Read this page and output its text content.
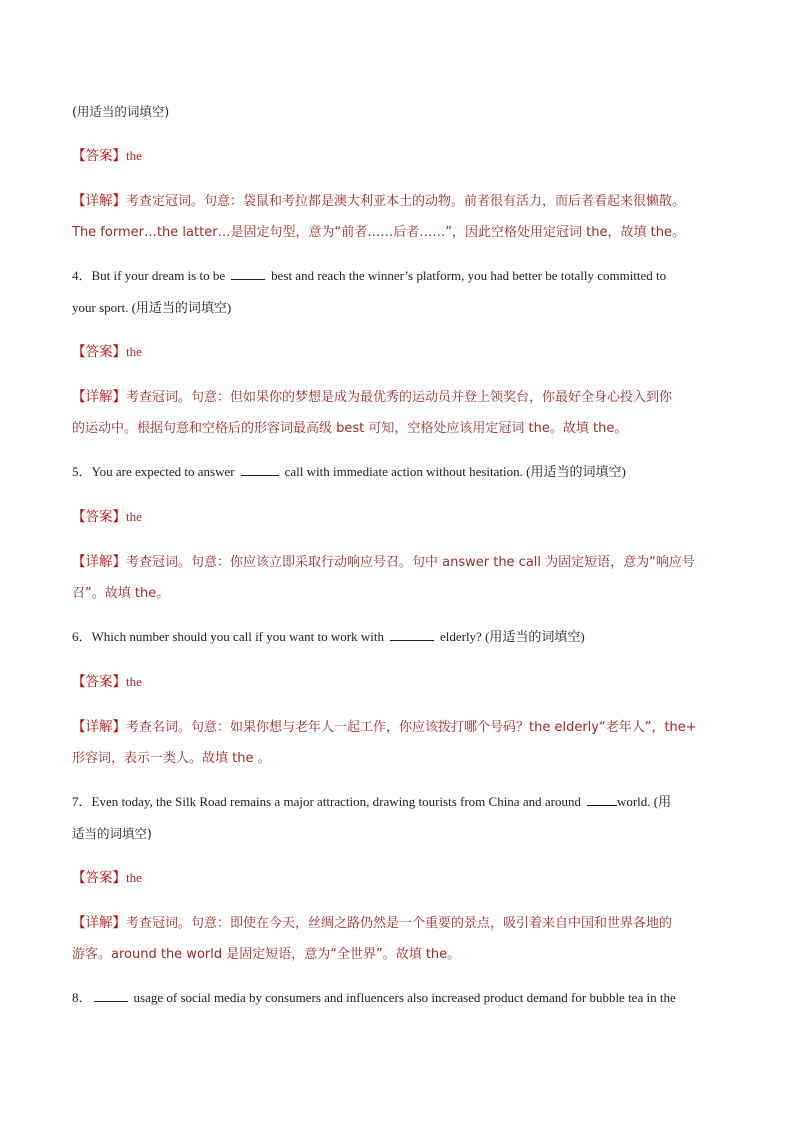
(用适当的词填空)
【答案】the
【详解】考查定冠词。句意：袋鼠和考拉都是澳大利亚本土的动物。前者很有活力，而后者看起来很懒散。
The former…the latter…是固定句型，意为“前者……后者……”，因此空格处用定冠词 the，故填 the。
4．But if your dream is to be	best and reach the winner’s platform, you had better be totally committed to
your sport. (用适当的词填空)
【答案】the
【详解】考查冠词。句意：但如果你的梦想是成为最优秀的运动员并登上领奖台，你最好全身心投入到你
的运动中。根据句意和空格后的形容词最高级 best 可知，空格处应该用定冠词 the。故填 the。
5．You are expected to answer	call with immediate action without hesitation. (用适当的词填空)
【答案】the
【详解】考查冠词。句意：你应该立即采取行动响应号召。句中 answer the call 为固定短语，意为“响应号
召”。故填 the。
6．Which number should you call if you want to work with	elderly? (用适当的词填空)
【答案】the
【详解】考查名词。句意：如果你想与老年人一起工作，你应该拨打哪个号码？the elderly“老年人”，the+
形容词，表示一类人。故填 the 。
7．Even today, the Silk Road remains a major attraction, drawing tourists from China and around	world. (用
适当的词填空)
【答案】the
【详解】考查冠词。句意：即使在今天，丝绸之路仍然是一个重要的景点，吸引着来自中国和世界各地的
游客。around the world 是固定短语，意为“全世界”。故填 the。
8．	usage of social media by consumers and influencers also increased product demand for bubble tea in the
